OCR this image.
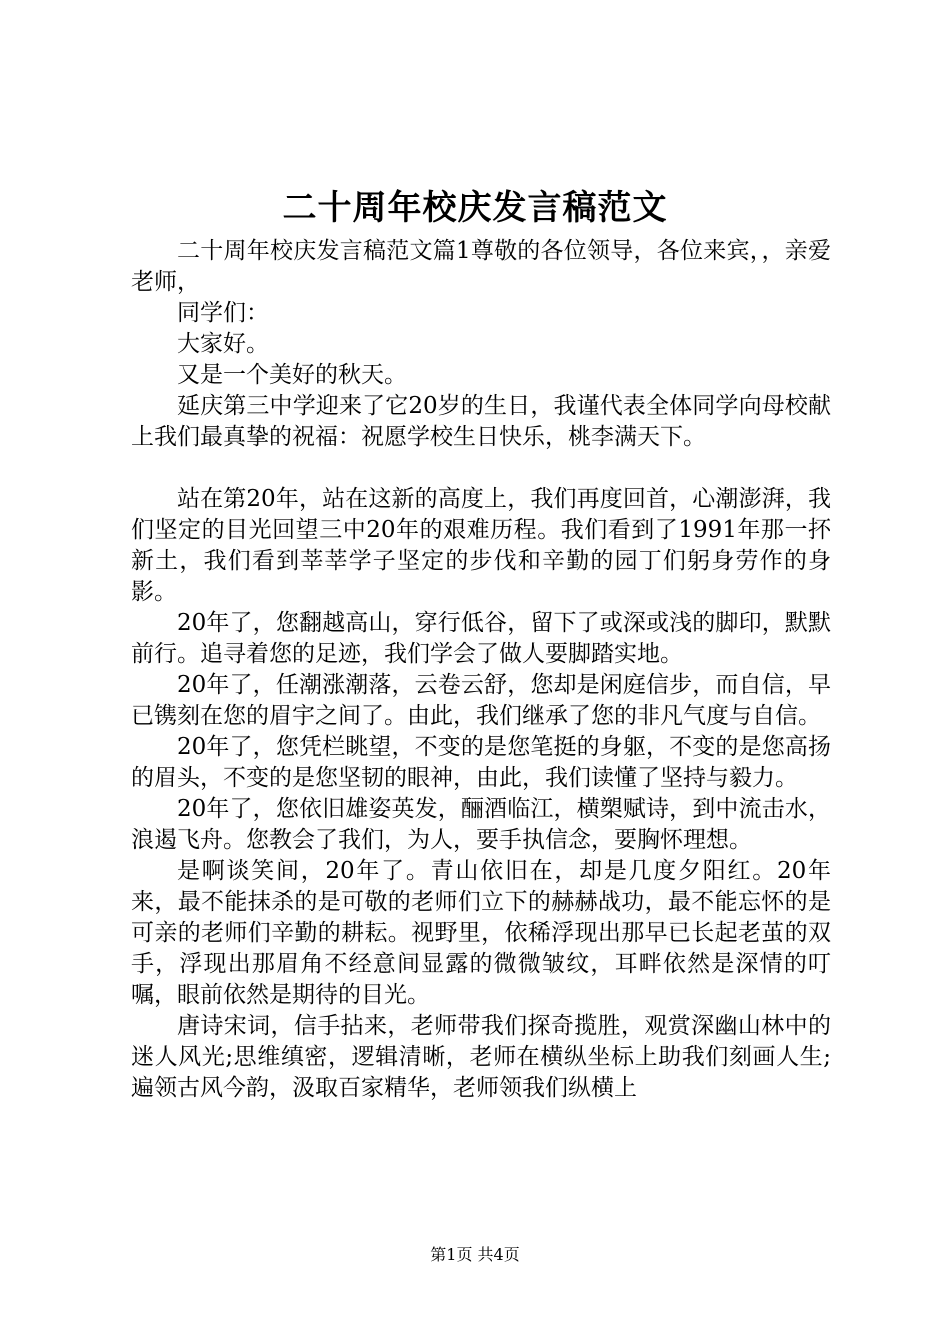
二十周年校庆发言稿范文

二十周年校庆发言稿范文篇1尊敬的各位领导，各位来宾，，亲爱老师，

同学们：

大家好。

又是一个美好的秋天。

延庆第三中学迎来了它20岁的生日，我谨代表全体同学向母校献上我们最真挚的祝福：祝愿学校生日快乐，桃李满天下。

站在第20年，站在这新的高度上，我们再度回首，心潮澎湃，我们坚定的目光回望三中20年的艰难历程。我们看到了1991年那一抔新土，我们看到莘莘学子坚定的步伐和辛勤的园丁们躬身劳作的身影。

20年了，您翻越高山，穿行低谷，留下了或深或浅的脚印，默默前行。追寻着您的足迹，我们学会了做人要脚踏实地。

20年了，任潮涨潮落，云卷云舒，您却是闲庭信步，而自信，早已镌刻在您的眉宇之间了。由此，我们继承了您的非凡气度与自信。

20年了，您凭栏眺望，不变的是您笔挺的身躯，不变的是您高扬的眉头，不变的是您坚韧的眼神，由此，我们读懂了坚持与毅力。

20年了，您依旧雄姿英发，酾酒临江，横槊赋诗，到中流击水，浪遏飞舟。您教会了我们，为人，要手执信念，要胸怀理想。

是啊谈笑间，20年了。青山依旧在，却是几度夕阳红。20年来，最不能抹杀的是可敬的老师们立下的赫赫战功，最不能忘怀的是可亲的老师们辛勤的耕耘。视野里，依稀浮现出那早已长起老茧的双手，浮现出那眉角不经意间显露的微微皱纹，耳畔依然是深情的叮嘱，眼前依然是期待的目光。

唐诗宋词，信手拈来，老师带我们探奇揽胜，观赏深幽山林中的迷人风光;思维缜密，逻辑清晰，老师在横纵坐标上助我们刻画人生;遍领古风今韵，汲取百家精华，老师领我们纵横上

第1页 共4页
